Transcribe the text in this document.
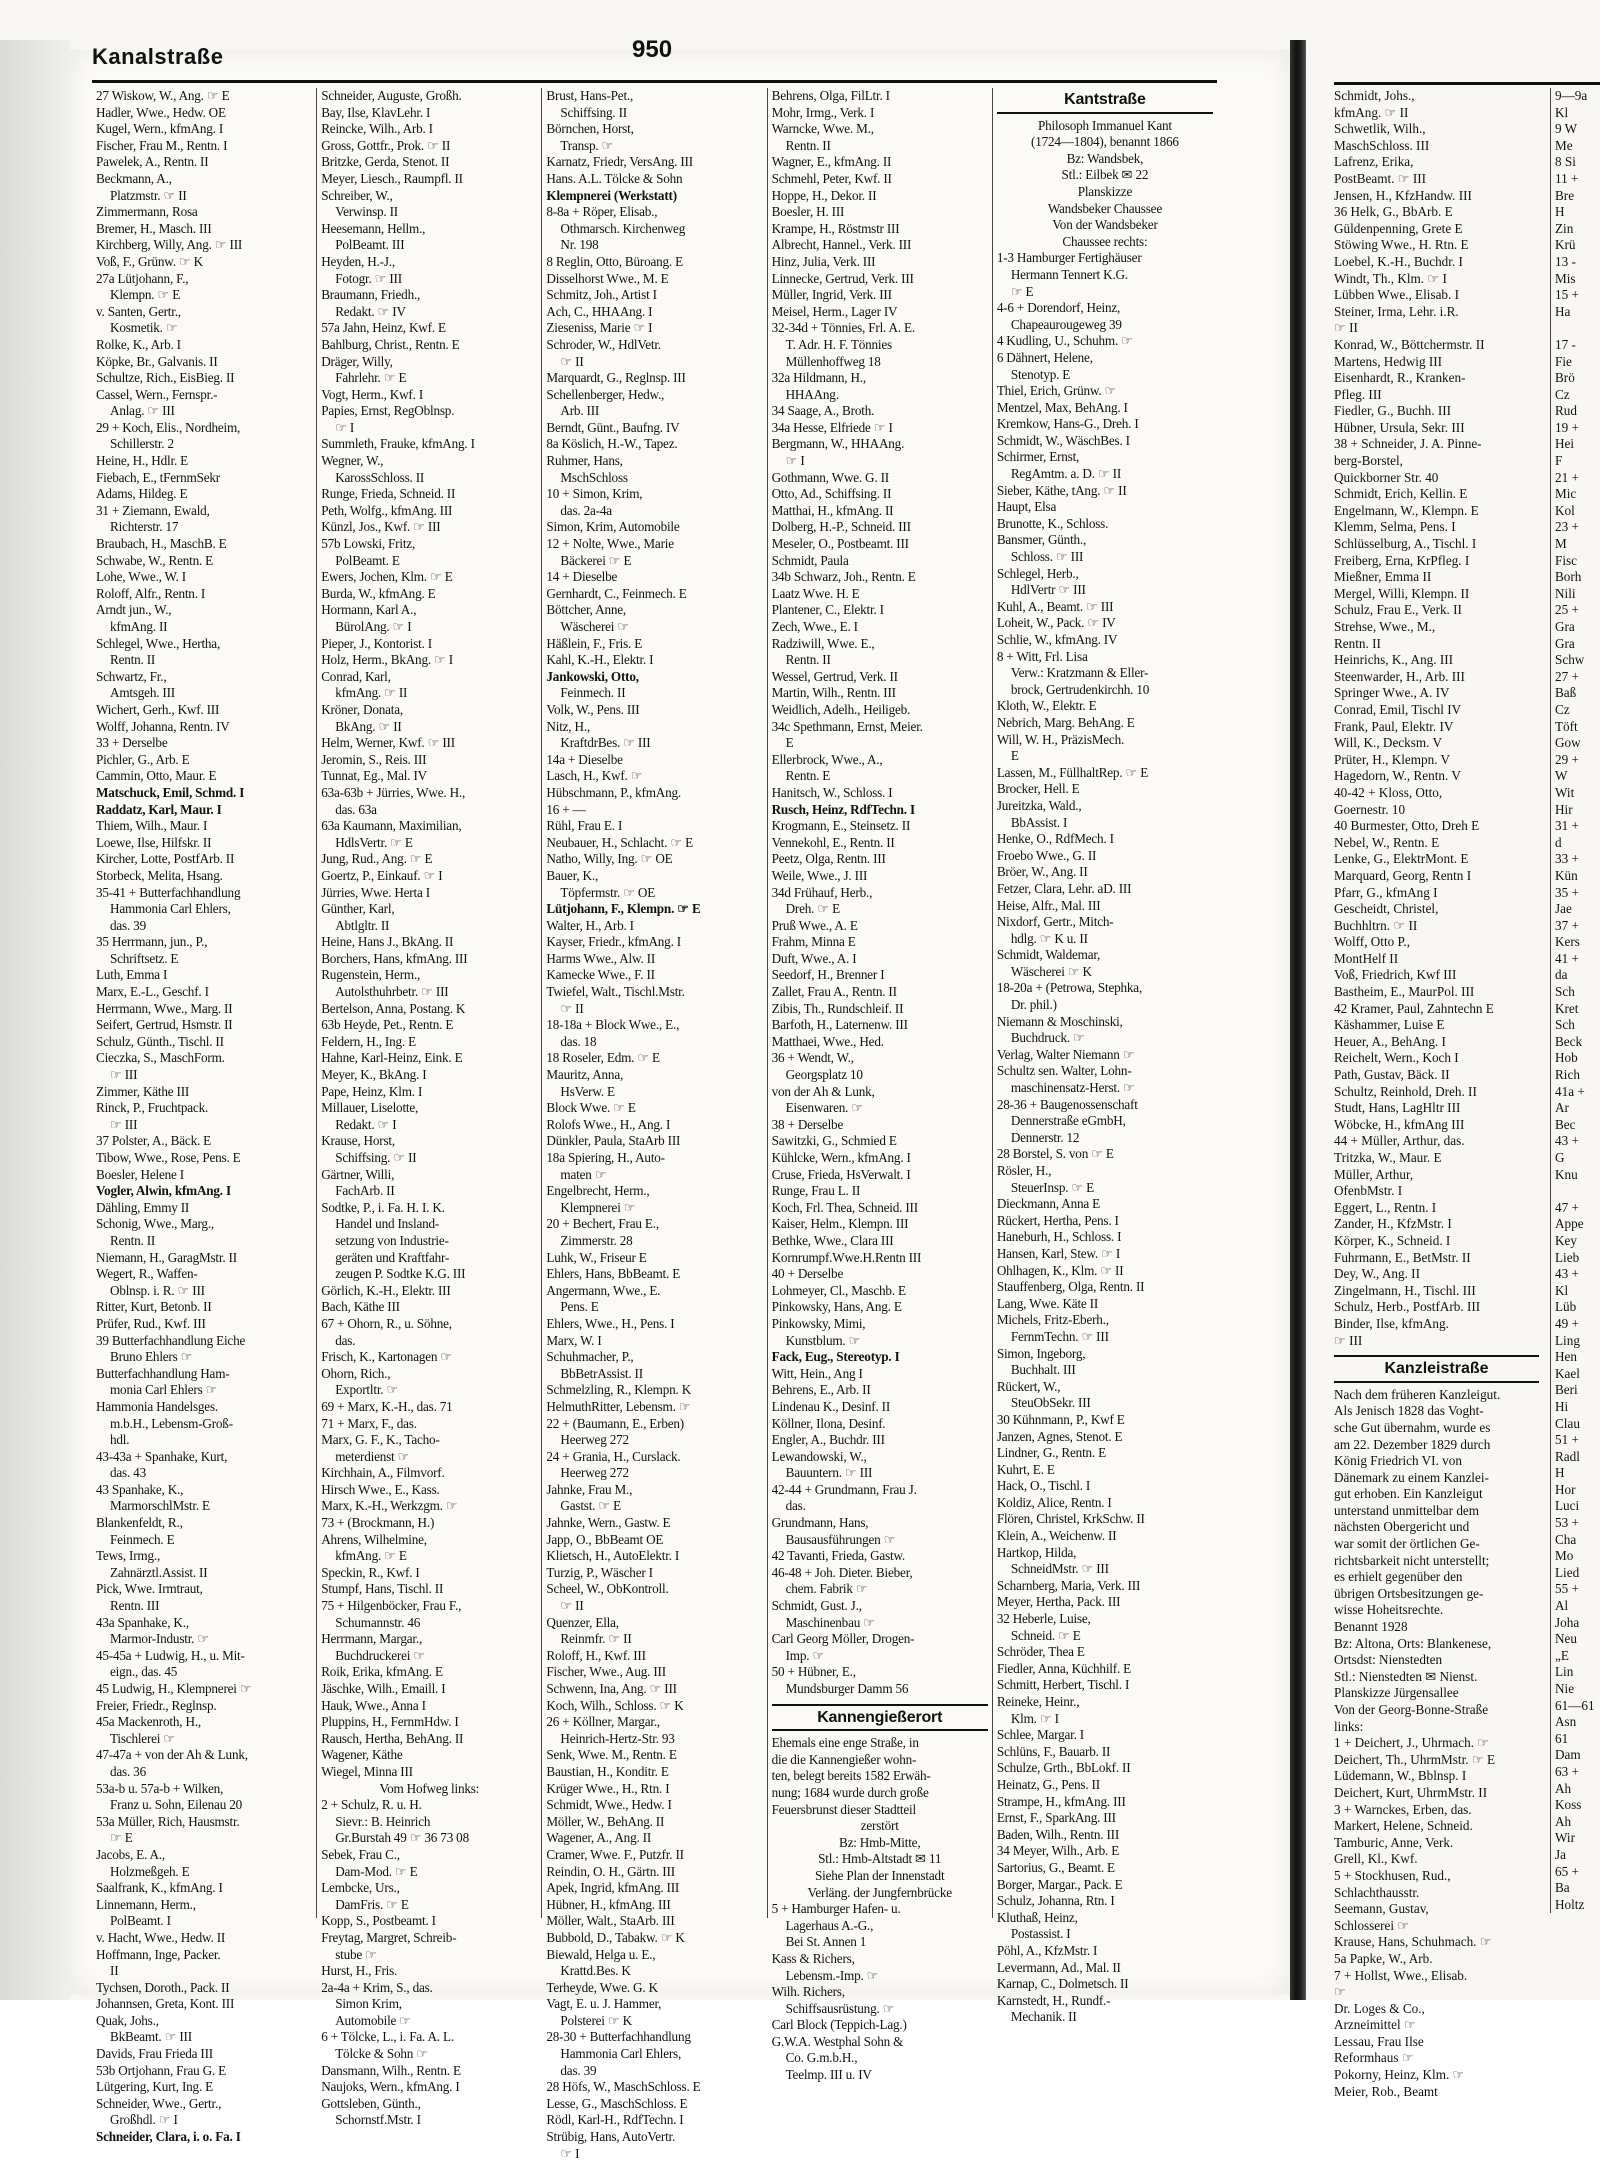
Kanalstraße	950
27 Wiskow, W., Ang. ☞ E
Hadler, Wwe., Hedw. OE
Kugel, Wern., kfmAng. I
Fischer, Frau M., Rentn. I
Pawelek, A., Rentn. II
Beckmann, A.,
Platzmstr. ☞ II
Zimmermann, Rosa
Bremer, H., Masch. III
Kirchberg, Willy, Ang. ☞ III
Voß, F., Grünw. ☞ K
27a Lütjohann, F.,
Klempn. ☞ E
v. Santen, Gertr.,
Kosmetik. ☞
Rolke, K., Arb. I
Köpke, Br., Galvanis. II
Schultze, Rich., EisBieg. II
Cassel, Wern., Fernspr.-
Anlag. ☞ III
29 + Koch, Elis., Nordheim,
Schillerstr. 2
Heine, H., Hdlr. E
Fiebach, E., tFernmSekr
Adams, Hildeg. E
31 + Ziemann, Ewald,
Richterstr. 17
Braubach, H., MaschB. E
Schwabe, W., Rentn. E
Lohe, Wwe., W. I
Roloff, Alfr., Rentn. I
Arndt jun., W.,
kfmAng. II
Schlegel, Wwe., Hertha,
Rentn. II
Schwartz, Fr.,
Amtsgeh. III
Wichert, Gerh., Kwf. III
Wolff, Johanna, Rentn. IV
33 + Derselbe
Pichler, G., Arb. E
Cammin, Otto, Maur. E
Matschuck, Emil, Schmd. I
Raddatz, Karl, Maur. I
Thiem, Wilh., Maur. I
Loewe, Ilse, Hilfskr. II
Kircher, Lotte, PostfArb. II
Storbeck, Melita, Hsang.
35-41 + Butterfachhandlung
Hammonia Carl Ehlers,
das. 39
35 Herrmann, jun., P.,
Schriftsetz. E
Luth, Emma I
Marx, E.-L., Geschf. I
Herrmann, Wwe., Marg. II
Seifert, Gertrud, Hsmstr. II
Schulz, Günth., Tischl. II
Cieczka, S., MaschForm.
☞ III
Zimmer, Käthe III
Rinck, P., Fruchtpack.
☞ III
37 Polster, A., Bäck. E
Tibow, Wwe., Rose, Pens. E
Boesler, Helene I
Vogler, Alwin, kfmAng. I
Dähling, Emmy II
Schonig, Wwe., Marg.,
Rentn. II
Niemann, H., GaragMstr. II
Wegert, R., Waffen-
Oblnsp. i. R. ☞ III
Ritter, Kurt, Betonb. II
Prüfer, Rud., Kwf. III
39 Butterfachhandlung Eiche
Bruno Ehlers ☞
Butterfachhandlung Ham-
monia Carl Ehlers ☞
Hammonia Handelsges.
m.b.H., Lebensm-Groß-
hdl.
43-43a + Spanhake, Kurt,
das. 43
43 Spanhake, K.,
MarmorschlMstr. E
Blankenfeldt, R.,
Feinmech. E
Tews, Irmg.,
Zahnärztl.Assist. II
Pick, Wwe. Irmtraut,
Rentn. III
43a Spanhake, K.,
Marmor-Industr. ☞
45-45a + Ludwig, H., u. Mit-
eign., das. 45
45 Ludwig, H., Klempnerei ☞
Freier, Friedr., Reglnsp.
45a Mackenroth, H.,
Tischlerei ☞
47-47a + von der Ah & Lunk,
das. 36
53a-b u. 57a-b + Wilken,
Franz u. Sohn, Eilenau 20
53a Müller, Rich, Hausmstr.
☞ E
Jacobs, E. A.,
Holzmeßgeh. E
Saalfrank, K., kfmAng. I
Linnemann, Herm.,
PolBeamt. I
v. Hacht, Wwe., Hedw. II
Hoffmann, Inge, Packer.
II
Tychsen, Doroth., Pack. II
Johannsen, Greta, Kont. III
Quak, Johs.,
BkBeamt. ☞ III
Davids, Frau Frieda III
53b Ortjohann, Frau G. E
Lütgering, Kurt, Ing. E
Schneider, Wwe., Gertr.,
Großhdl. ☞ I
Schneider, Clara, i. o. Fa. I
Schneider, Auguste, Großh.
Bay, Ilse, KlavLehr. I
Reincke, Wilh., Arb. I
Gross, Gottfr., Prok. ☞ II
Britzke, Gerda, Stenot. II
Meyer, Liesch., Raumpfl. II
Schreiber, W.,
Verwinsp. II
Heesemann, Hellm.,
PolBeamt. III
Heyden, H.-J.,
Fotogr. ☞ III
Braumann, Friedh.,
Redakt. ☞ IV
57a Jahn, Heinz, Kwf. E
Bahlburg, Christ., Rentn. E
Dräger, Willy,
Fahrlehr. ☞ E
Vogt, Herm., Kwf. I
Papies, Ernst, RegOblnsp.
☞ I
Summleth, Frauke, kfmAng. I
Wegner, W.,
KarossSchloss. II
Runge, Frieda, Schneid. II
Peth, Wolfg., kfmAng. III
Künzl, Jos., Kwf. ☞ III
57b Lowski, Fritz,
PolBeamt. E
Ewers, Jochen, Klm. ☞ E
Burda, W., kfmAng. E
Hormann, Karl A.,
BürolAng. ☞ I
Pieper, J., Kontorist. I
Holz, Herm., BkAng. ☞ I
Conrad, Karl,
kfmAng. ☞ II
Kröner, Donata,
BkAng. ☞ II
Helm, Werner, Kwf. ☞ III
Jeromin, S., Reis. III
Tunnat, Eg., Mal. IV
63a-63b + Jürries, Wwe. H.,
das. 63a
63a Kaumann, Maximilian,
HdlsVertr. ☞ E
Jung, Rud., Ang. ☞ E
Goertz, P., Einkauf. ☞ I
Jürries, Wwe. Herta I
Günther, Karl,
Abtlgltr. II
Heine, Hans J., BkAng. II
Borchers, Hans, kfmAng. III
Rugenstein, Herm.,
Autolsthuhrbetr. ☞ III
Bertelson, Anna, Postang. K
63b Heyde, Pet., Rentn. E
Feldern, H., Ing. E
Hahne, Karl-Heinz, Eink. E
Meyer, K., BkAng. I
Pape, Heinz, Klm. I
Millauer, Liselotte,
Redakt. ☞ I
Krause, Horst,
Schiffsing. ☞ II
Gärtner, Willi,
FachArb. II
Sodtke, P., i. Fa. H. I. K.
Handel und Insland-
setzung von Industrie-
geräten und Kraftfahr-
zeugen P. Sodtke K.G. III
Görlich, K.-H., Elektr. III
Bach, Käthe III
67 + Ohorn, R., u. Söhne,
das.
Frisch, K., Kartonagen ☞
Ohorn, Rich.,
Exportltr. ☞
69 + Marx, K.-H., das. 71
71 + Marx, F., das.
Marx, G. F., K., Tacho-
meterdienst ☞
Kirchhain, A., Filmvorf.
Hirsch Wwe., E., Kass.
Marx, K.-H., Werkzgm. ☞
73 + (Brockmann, H.)
Ahrens, Wilhelmine,
kfmAng. ☞ E
Speckin, R., Kwf. I
Stumpf, Hans, Tischl. II
75 + Hilgenböcker, Frau F.,
Schumannstr. 46
Herrmann, Margar.,
Buchdruckerei ☞
Roik, Erika, kfmAng. E
Jäschke, Wilh., Emaill. I
Hauk, Wwe., Anna I
Pluppins, H., FernmHdw. I
Rausch, Hertha, BehAng. II
Wagener, Käthe
Wiegel, Minna III
Vom Hofweg links:
2 + Schulz, R. u. H.
Sievr.: B. Heinrich
Gr.Burstah 49 ☞ 36 73 08
Sebek, Frau C.,
Dam-Mod. ☞ E
Lembcke, Urs.,
DamFris. ☞ E
Kopp, S., Postbeamt. I
Freytag, Margret, Schreib-
stube ☞
Hurst, H., Fris.
2a-4a + Krim, S., das.
Simon Krim,
Automobile ☞
6 + Tölcke, L., i. Fa. A. L.
Tölcke & Sohn ☞
Dansmann, Wilh., Rentn. E
Naujoks, Wern., kfmAng. I
Gottsleben, Günth.,
Schornstf.Mstr. I
Brust, Hans-Pet.,
Schiffsing. II
Börnchen, Horst,
Transp. ☞
Karnatz, Friedr, VersAng. III
Hans. A.L. Tölcke & Sohn
Klempnerei (Werkstatt)
8-8a + Röper, Elisab.,
Othmarsch. Kirchenweg
Nr. 198
8 Reglin, Otto, Büroang. E
Disselhorst Wwe., M. E
Schmitz, Joh., Artist I
Ach, C., HHAAng. I
Zieseniss, Marie ☞ I
Schroder, W., HdlVetr.
☞ II
Marquardt, G., Reglnsp. III
Schellenberger, Hedw.,
Arb. III
Berndt, Günt., Baufng. IV
8a Köslich, H.-W., Tapez.
Ruhmer, Hans,
MschSchloss
10 + Simon, Krim,
das. 2a-4a
Simon, Krim, Automobile
12 + Nolte, Wwe., Marie
Bäckerei ☞ E
14 + Dieselbe
Gernhardt, C., Feinmech. E
Böttcher, Anne,
Wäscherei ☞
Häßlein, F., Fris. E
Kahl, K.-H., Elektr. I
Jankowski, Otto,
Feinmech. II
Volk, W., Pens. III
Nitz, H.,
KraftdrBes. ☞ III
14a + Dieselbe
Lasch, H., Kwf. ☞
Hübschmann, P., kfmAng.
16 + —
Rühl, Frau E. I
Neubauer, H., Schlacht. ☞ E
Natho, Willy, Ing. ☞ OE
Bauer, K.,
Töpfermstr. ☞ OE
Lütjohann, F., Klempn. ☞ E
Walter, H., Arb. I
Kayser, Friedr., kfmAng. I
Harms Wwe., Alw. II
Kamecke Wwe., F. II
Twiefel, Walt., Tischl.Mstr.
☞ II
18-18a + Block Wwe., E.,
das. 18
18 Roseler, Edm. ☞ E
Mauritz, Anna,
HsVerw. E
Block Wwe. ☞ E
Rolofs Wwe., H., Ang. I
Dünkler, Paula, StaArb III
18a Spiering, H., Auto-
maten ☞
Engelbrecht, Herm.,
Klempnerei ☞
20 + Bechert, Frau E.,
Zimmerstr. 28
Luhk, W., Friseur E
Ehlers, Hans, BbBeamt. E
Angermann, Wwe., E.
Pens. E
Ehlers, Wwe., H., Pens. I
Marx, W. I
Schuhmacher, P.,
BbBetrAssist. II
Schmelzling, R., Klempn. K
HelmuthRitter, Lebensm. ☞
22 + (Baumann, E., Erben)
Heerweg 272
24 + Grania, H., Curslack.
Heerweg 272
Jahnke, Frau M.,
Gastst. ☞ E
Jahnke, Wern., Gastw. E
Japp, O., BbBeamt OE
Klietsch, H., AutoElektr. I
Turzig, P., Wäscher I
Scheel, W., ObKontroll.
☞ II
Quenzer, Ella,
Reinmfr. ☞ II
Roloff, H., Kwf. III
Fischer, Wwe., Aug. III
Schwenn, Ina, Ang. ☞ III
Koch, Wilh., Schloss. ☞ K
26 + Köllner, Margar.,
Heinrich-Hertz-Str. 93
Senk, Wwe. M., Rentn. E
Baustian, H., Konditr. E
Krüger Wwe., H., Rtn. I
Schmidt, Wwe., Hedw. I
Möller, W., BehAng. II
Wagener, A., Ang. II
Cramer, Wwe. F., Putzfr. II
Reindin, O. H., Gärtn. III
Apek, Ingrid, kfmAng. III
Hübner, H., kfmAng. III
Möller, Walt., StaArb. III
Bubbold, D., Tabakw. ☞ K
Biewald, Helga u. E.,
Krattd.Bes. K
Terheyde, Wwe. G. K
Vagt, E. u. J. Hammer,
Polsterei ☞ K
28-30 + Butterfachhandlung
Hammonia Carl Ehlers,
das. 39
28 Höfs, W., MaschSchloss. E
Lesse, G., MaschSchloss. E
Rödl, Karl-H., RdfTechn. I
Strübig, Hans, AutoVertr.
☞ I
Behrens, Olga, FilLtr. I
Mohr, Irmg., Verk. I
Warncke, Wwe. M.,
Rentn. II
Wagner, E., kfmAng. II
Schmehl, Peter, Kwf. II
Hoppe, H., Dekor. II
Boesler, H. III
Krampe, H., Röstmstr III
Albrecht, Hannel., Verk. III
Hinz, Julia, Verk. III
Linnecke, Gertrud, Verk. III
Müller, Ingrid, Verk. III
Meisel, Herm., Lager IV
32-34d + Tönnies, Frl. A. E.
T. Adr. H. F. Tönnies
Müllenhoffweg 18
32a Hildmann, H.,
HHAAng.
34 Saage, A., Broth.
34a Hesse, Elfriede ☞ I
Bergmann, W., HHAAng.
☞ I
Gothmann, Wwe. G. II
Otto, Ad., Schiffsing. II
Matthai, H., kfmAng. II
Dolberg, H.-P., Schneid. III
Meseler, O., Postbeamt. III
Schmidt, Paula
34b Schwarz, Joh., Rentn. E
Laatz Wwe. H. E
Plantener, C., Elektr. I
Zech, Wwe., E. I
Radziwill, Wwe. E.,
Rentn. II
Wessel, Gertrud, Verk. II
Martin, Wilh., Rentn. III
Weidlich, Adelh., Heiligeb.
34c Spethmann, Ernst, Meier.
E
Ellerbrock, Wwe., A.,
Rentn. E
Hanitsch, W., Schloss. I
Rusch, Heinz, RdfTechn. I
Krogmann, E., Steinsetz. II
Vennekohl, E., Rentn. II
Peetz, Olga, Rentn. III
Weile, Wwe., J. III
34d Frühauf, Herb.,
Dreh. ☞ E
Pruß Wwe., A. E
Frahm, Minna E
Duft, Wwe., A. I
Seedorf, H., Brenner I
Zallet, Frau A., Rentn. II
Zibis, Th., Rundschleif. II
Barfoth, H., Laternenw. III
Matthaei, Wwe., Hed.
36 + Wendt, W.,
Georgsplatz 10
von der Ah & Lunk,
Eisenwaren. ☞
38 + Derselbe
Sawitzki, G., Schmied E
Kühlcke, Wern., kfmAng. I
Cruse, Frieda, HsVerwalt. I
Runge, Frau L. II
Koch, Frl. Thea, Schneid. III
Kaiser, Helm., Klempn. III
Bethke, Wwe., Clara III
Kornrumpf.Wwe.H.Rentn III
40 + Derselbe
Lohmeyer, Cl., Maschb. E
Pinkowsky, Hans, Ang. E
Pinkowsky, Mimi,
Kunstblum. ☞
Fack, Eug., Stereotyp. I
Witt, Hein., Ang I
Behrens, E., Arb. II
Lindenau K., Desinf. II
Köllner, Ilona, Desinf.
Engler, A., Buchdr. III
Lewandowski, W.,
Bauuntern. ☞ III
42-44 + Grundmann, Frau J.
das.
Grundmann, Hans,
Bausausführungen ☞
42 Tavanti, Frieda, Gastw.
46-48 + Joh. Dieter. Bieber,
chem. Fabrik ☞
Schmidt, Gust. J.,
Maschinenbau ☞
Carl Georg Möller, Drogen-
Imp. ☞
50 + Hübner, E.,
Mundsburger Damm 56
Kannengießerort
Ehemals eine enge Straße, in
die die Kannengießer wohn-
ten, belegt bereits 1582 Erwäh-
nung; 1684 wurde durch große
Feuersbrunst dieser Stadtteil
zerstört
Bz: Hmb-Mitte,
Stl.: Hmb-Altstadt ✉ 11
Siehe Plan der Innenstadt
Verläng. der Jungfernbrücke
5 + Hamburger Hafen- u.
Lagerhaus A.-G.,
Bei St. Annen 1
Kass & Richers,
Lebensm.-Imp. ☞
Wilh. Richers,
Schiffsausrüstung. ☞
Carl Block (Teppich-Lag.)
G.W.A. Westphal Sohn &
Co. G.m.b.H.,
Teelmp. III u. IV
Kantstraße
Philosoph Immanuel Kant
(1724—1804), benannt 1866
Bz: Wandsbek,
Stl.: Eilbek ✉ 22
Planskizze
Wandsbeker Chaussee
Von der Wandsbeker
Chaussee rechts:
1-3 Hamburger Fertighäuser
Hermann Tennert K.G.
☞ E
4-6 + Dorendorf, Heinz,
Chapeaurougeweg 39
4 Kudling, U., Schuhm. ☞
6 Dähnert, Helene,
Stenotyp. E
Thiel, Erich, Grünw. ☞
Mentzel, Max, BehAng. I
Kremkow, Hans-G., Dreh. I
Schmidt, W., WäschBes. I
Schirmer, Ernst,
RegAmtm. a. D. ☞ II
Sieber, Käthe, tAng. ☞ II
Haupt, Elsa
Brunotte, K., Schloss.
Bansmer, Günth.,
Schloss. ☞ III
Schlegel, Herb.,
HdlVertr ☞ III
Kuhl, A., Beamt. ☞ III
Loheit, W., Pack. ☞ IV
Schlie, W., kfmAng. IV
8 + Witt, Frl. Lisa
Verw.: Kratzmann & Eller-
brock, Gertrudenkirchh. 10
Kloth, W., Elektr. E
Nebrich, Marg. BehAng. E
Will, W. H., PräzisMech.
E
Lassen, M., FüllhaltRep. ☞ E
Brocker, Hell. E
Jureitzka, Wald.,
BbAssist. I
Henke, O., RdfMech. I
Froebo Wwe., G. II
Bröer, W., Ang. II
Fetzer, Clara, Lehr. aD. III
Heise, Alfr., Mal. III
Nixdorf, Gertr., Mitch-
hdlg. ☞ K u. II
Schmidt, Waldemar,
Wäscherei ☞ K
18-20a + (Petrowa, Stephka,
Dr. phil.)
Niemann & Moschinski,
Buchdruck. ☞
Verlag, Walter Niemann ☞
Schultz sen. Walter, Lohn-
maschinensatz-Herst. ☞
28-36 + Baugenossenschaft
Dennerstraße eGmbH,
Dennerstr. 12
28 Borstel, S. von ☞ E
Rösler, H.,
SteuerInsp. ☞ E
Dieckmann, Anna E
Rückert, Hertha, Pens. I
Haneburh, H., Schloss. I
Hansen, Karl, Stew. ☞ I
Ohlhagen, K., Klm. ☞ II
Stauffenberg, Olga, Rentn. II
Lang, Wwe. Käte II
Michels, Fritz-Eberh.,
FernmTechn. ☞ III
Simon, Ingeborg,
Buchhalt. III
Rückert, W.,
SteuObSekr. III
30 Kühnmann, P., Kwf E
Janzen, Agnes, Stenot. E
Lindner, G., Rentn. E
Kuhrt, E. E
Hack, O., Tischl. I
Koldiz, Alice, Rentn. I
Flören, Christel, KrkSchw. II
Klein, A., Weichenw. II
Hartkop, Hilda,
SchneidMstr. ☞ III
Scharnberg, Maria, Verk. III
Meyer, Hertha, Pack. III
32 Heberle, Luise,
Schneid. ☞ E
Schröder, Thea E
Fiedler, Anna, Küchhilf. E
Schmitt, Herbert, Tischl. I
Reineke, Heinr.,
Klm. ☞ I
Schlee, Margar. I
Schlüns, F., Bauarb. II
Schulze, Grth., BbLokf. II
Heinatz, G., Pens. II
Strampe, H., kfmAng. III
Ernst, F., SparkAng. III
Baden, Wilh., Rentn. III
34 Meyer, Wilh., Arb. E
Sartorius, G., Beamt. E
Borger, Margar., Pack. E
Schulz, Johanna, Rtn. I
Kluthaß, Heinz,
Postassist. I
Pöhl, A., KfzMstr. I
Levermann, Ad., Mal. II
Karnap, C., Dolmetsch. II
Karnstedt, H., Rundf.-
Mechanik. II
Schmidt, Johs.,
kfmAng. ☞ II
Schwetlik, Wilh.,
MaschSchloss. III
Lafrenz, Erika,
PostBeamt. ☞ III
Jensen, H., KfzHandw. III
36 Helk, G., BbArb. E
Güldenpenning, Grete E
Stöwing Wwe., H. Rtn. E
Loebel, K.-H., Buchdr. I
Windt, Th., Klm. ☞ I
Lübben Wwe., Elisab. I
Steiner, Irma, Lehr. i.R.
☞ II
Konrad, W., Böttchermstr. II
Martens, Hedwig III
Eisenhardt, R., Kranken-
Pfleg. III
Fiedler, G., Buchh. III
Hübner, Ursula, Sekr. III
38 + Schneider, J. A. Pinne-
berg-Borstel,
Quickborner Str. 40
Schmidt, Erich, Kellin. E
Engelmann, W., Klempn. E
Klemm, Selma, Pens. I
Schlüsselburg, A., Tischl. I
Freiberg, Erna, KrPfleg. I
Mießner, Emma II
Mergel, Willi, Klempn. II
Schulz, Frau E., Verk. II
Strehse, Wwe., M.,
Rentn. II
Heinrichs, K., Ang. III
Steenwarder, H., Arb. III
Springer Wwe., A. IV
Conrad, Emil, Tischl IV
Frank, Paul, Elektr. IV
Will, K., Decksm. V
Prüter, H., Klempn. V
Hagedorn, W., Rentn. V
40-42 + Kloss, Otto,
Goernestr. 10
40 Burmester, Otto, Dreh E
Nebel, W., Rentn. E
Lenke, G., ElektrMont. E
Marquard, Georg, Rentn I
Pfarr, G., kfmAng I
Gescheidt, Christel,
Buchhltrn. ☞ II
Wolff, Otto P.,
MontHelf II
Voß, Friedrich, Kwf III
Bastheim, E., MaurPol. III
42 Kramer, Paul, Zahntechn E
Käshammer, Luise E
Heuer, A., BehAng. I
Reichelt, Wern., Koch I
Path, Gustav, Bäck. II
Schultz, Reinhold, Dreh. II
Studt, Hans, LagHltr III
Wöbcke, H., kfmAng III
44 + Müller, Arthur, das.
Tritzka, W., Maur. E
Müller, Arthur,
OfenbMstr. I
Eggert, L., Rentn. I
Zander, H., KfzMstr. I
Körper, K., Schneid. I
Fuhrmann, E., BetMstr. II
Dey, W., Ang. II
Zingelmann, H., Tischl. III
Schulz, Herb., PostfArb. III
Binder, Ilse, kfmAng.
☞ III
Kanzleistraße
Nach dem früheren Kanzleigut.
Als Jenisch 1828 das Voght-
sche Gut übernahm, wurde es
am 22. Dezember 1829 durch
König Friedrich VI. von
Dänemark zu einem Kanzlei-
gut erhoben. Ein Kanzleigut
unterstand unmittelbar dem
nächsten Obergericht und
war somit der örtlichen Ge-
richtsbarkeit nicht unterstellt;
es erhielt gegenüber den
übrigen Ortsbesitzungen ge-
wisse Hoheitsrechte.
Benannt 1928
Bz: Altona, Orts: Blankenese,
Ortsdst: Nienstedten
Stl.: Nienstedten ✉ Nienst.
Planskizze Jürgensallee
Von der Georg-Bonne-Straße
links:
1 + Deichert, J., Uhrmach. ☞
Deichert, Th., UhrmMstr. ☞ E
Lüdemann, W., Bblnsp. I
Deichert, Kurt, UhrmMstr. II
3 + Warnckes, Erben, das.
Markert, Helene, Schneid.
Tamburic, Anne, Verk.
Grell, Kl., Kwf.
5 + Stockhusen, Rud.,
Schlachthausstr.
Seemann, Gustav,
Schlosserei ☞
Krause, Hans, Schuhmach. ☞
5a Papke, W., Arb.
7 + Hollst, Wwe., Elisab.
☞
Dr. Loges & Co.,
Arzneimittel ☞
Lessau, Frau Ilse
Reformhaus ☞
Pokorny, Heinz, Klm. ☞
Meier, Rob., Beamt
9—9a
Kl
9 W
Me
8 Si
11 +
Bre
H
Zin
Krü
13 -
Mis
15 +
Ha

17 -
Fie
Brö
Cz
Rud
19 +
Hei
F
21 +
Mic
Kol
23 +
M
Fisc
Borh
Nili
25 +
Gra
Gra
Schw
27 +
Baß
Cz
Töft
Gow
29 +
W
Wit
Hir
31 +
d
33 +
Kün
35 +
Jae
37 +
Kers
41 +
da
Sch
Kret
Sch
Beck
Hob
Rich
41a +
Ar
Bec
43 +
G
Knu

47 +
Appe
Key
Lieb
43 +
Kl
Lüb
49 +
Ling
Hen
Kael
Beri
Hi
Clau
51 +
Radl
H
Hor
Luci
53 +
Cha
Mo
Lied
55 +
Al
Joha
Neu
„E
Lin
Nie
61—61
Asn
61
Dam
63 +
Ah
Koss
Ah
Wir
Ja
65 +
Ba
Holtz
